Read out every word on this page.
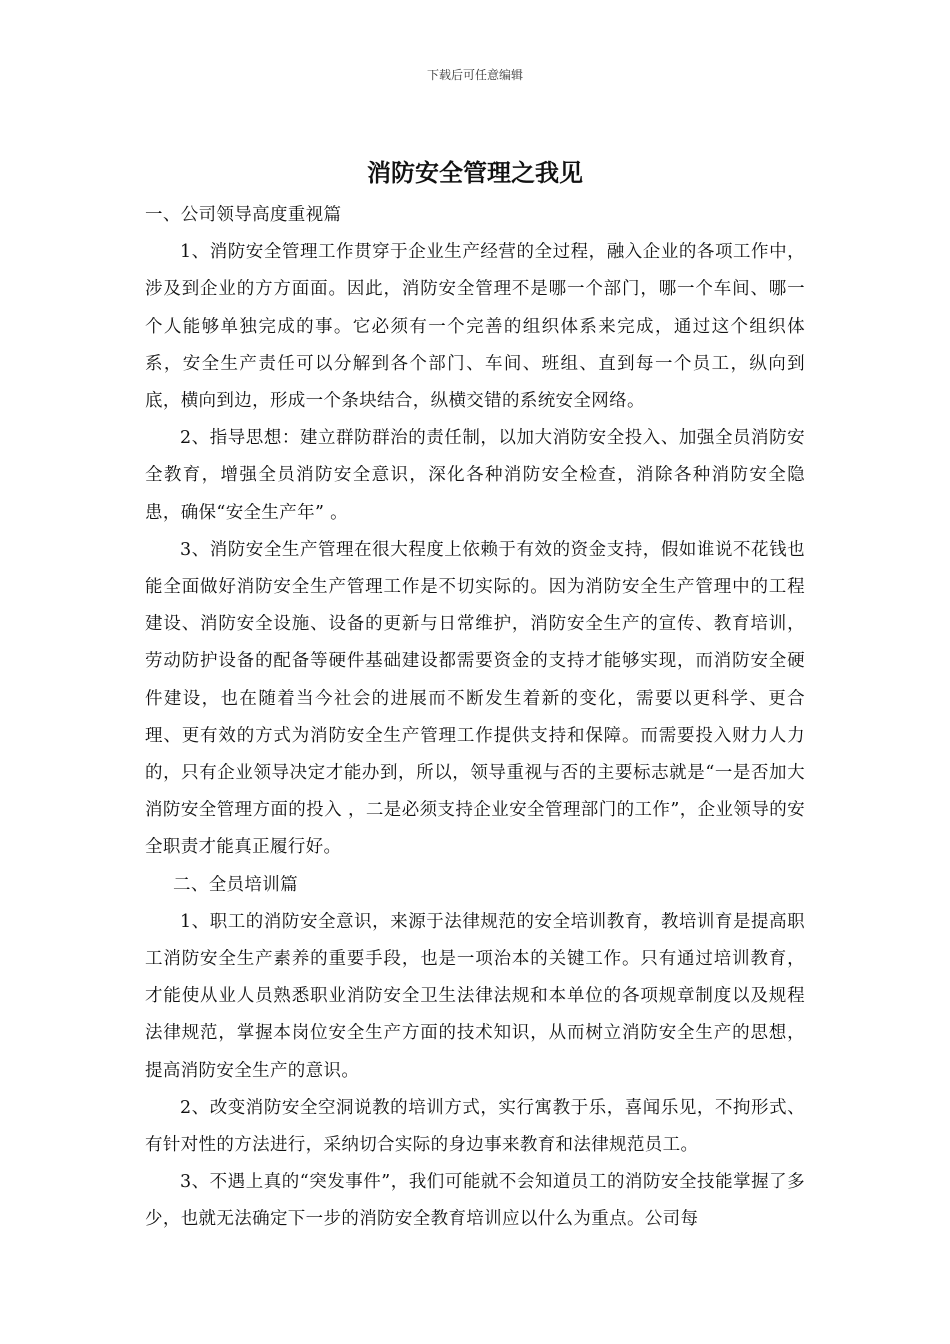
下载后可任意编辑
消防安全管理之我见

一、公司领导高度重视篇

1、消防安全管理工作贯穿于企业生产经营的全过程，融入企业的各项工作中，涉及到企业的方方面面。因此，消防安全管理不是哪一个部门，哪一个车间、哪一个人能够单独完成的事。它必须有一个完善的组织体系来完成，通过这个组织体系，安全生产责任可以分解到各个部门、车间、班组、直到每一个员工，纵向到底，横向到边，形成一个条块结合，纵横交错的系统安全网络。

2、指导思想：建立群防群治的责任制，以加大消防安全投入、加强全员消防安全教育，增强全员消防安全意识，深化各种消防安全检查，消除各种消防安全隐患，确保“安全生产年” 。

3、消防安全生产管理在很大程度上依赖于有效的资金支持，假如谁说不花钱也能全面做好消防安全生产管理工作是不切实际的。因为消防安全生产管理中的工程建设、消防安全设施、设备的更新与日常维护，消防安全生产的宣传、教育培训，劳动防护设备的配备等硬件基础建设都需要资金的支持才能够实现，而消防安全硬件建设，也在随着当今社会的进展而不断发生着新的变化，需要以更科学、更合理、更有效的方式为消防安全生产管理工作提供支持和保障。而需要投入财力人力的，只有企业领导决定才能办到，所以，领导重视与否的主要标志就是“一是否加大消防安全管理方面的投入 ，二是必须支持企业安全管理部门的工作”，企业领导的安全职责才能真正履行好。

二、全员培训篇

1、职工的消防安全意识，来源于法律规范的安全培训教育，教培训育是提高职工消防安全生产素养的重要手段，也是一项治本的关键工作。只有通过培训教育，才能使从业人员熟悉职业消防安全卫生法律法规和本单位的各项规章制度以及规程法律规范，掌握本岗位安全生产方面的技术知识，从而树立消防安全生产的思想，提高消防安全生产的意识。

2、改变消防安全空洞说教的培训方式，实行寓教于乐，喜闻乐见，不拘形式、有针对性的方法进行，采纳切合实际的身边事来教育和法律规范员工。

3、不遇上真的“突发事件”，我们可能就不会知道员工的消防安全技能掌握了多少，也就无法确定下一步的消防安全教育培训应以什么为重点。公司每
